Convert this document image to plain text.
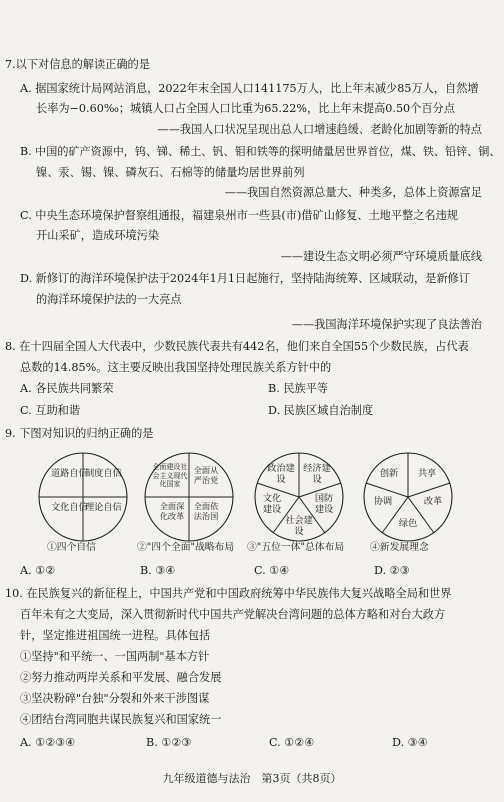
7.以下对信息的解读正确的是
A. 据国家统计局网站消息，2022年末全国人口141175万人，比上年末减少85万人，自然增
长率为−0.60‰；城镇人口占全国人口比重为65.22%，比上年末提高0.50个百分点
——我国人口状况呈现出总人口增速趋缓、老龄化加剧等新的特点
B. 中国的矿产资源中，钨、锑、稀土、钒、钼和铁等的探明储量居世界首位，煤、铁、铅锌、铜、
镍、汞、锡、镍、磷灰石、石棉等的储量均居世界前列
——我国自然资源总量大、种类多，总体上资源富足
C. 中央生态环境保护督察组通报，福建泉州市一些县(市)借矿山修复、土地平整之名违规
开山采矿，造成环境污染
——建设生态文明必须严守环境质量底线
D. 新修订的海洋环境保护法于2024年1月1日起施行，坚持陆海统筹、区域联动，是新修订
的海洋环境保护法的一大亮点
——我国海洋环境保护实现了良法善治
8. 在十四届全国人大代表中，少数民族代表共有442名，他们来自全国55个少数民族，占代表
总数的14.85%。这主要反映出我国坚持处理民族关系方针中的
A. 各民族共同繁荣	B. 民族平等
C. 互助和谐	D. 民族区域自治制度
9. 下图对知识的归纳正确的是
道路自信
制度自信
文化自信
理论自信
①四个自信
全面建设社会主义现代化国家
全面从严治党
全面依法治国
全面深化改革
②"四个全面"战略布局
政治建设
经济建设
国防建设
社会建设
文化建设
③"五位一体"总体布局
创新	共享
协调	改革
绿色
④新发展理念
A. ①②	B. ③④	C. ①④	D. ②③
10. 在民族复兴的新征程上，中国共产党和中国政府统筹中华民族伟大复兴战略全局和世界
百年未有之大变局，深入贯彻新时代中国共产党解决台湾问题的总体方略和对台大政方
针，坚定推进祖国统一进程。具体包括
①坚持"和平统一、一国两制"基本方针
②努力推动两岸关系和平发展、融合发展
③坚决粉碎"台独"分裂和外来干涉图谋
④团结台湾同胞共谋民族复兴和国家统一
A. ①②③④	B. ①②③	C. ①②④	D. ③④
九年级道德与法治　第3页（共8页）
